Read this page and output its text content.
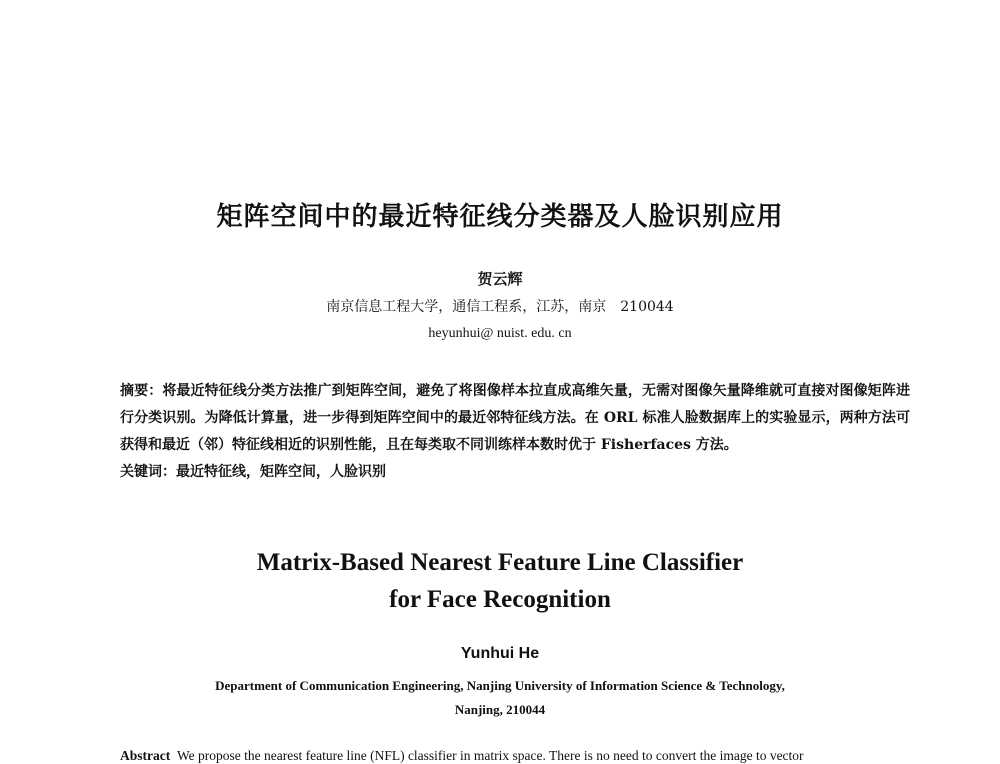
矩阵空间中的最近特征线分类器及人脸识别应用
贺云辉
南京信息工程大学，通信工程系，江苏，南京　210044
heyunhui@ nuist. edu. cn

摘要：将最近特征线分类方法推广到矩阵空间，避免了将图像样本拉直成高维矢量，无需对图像矢量降维就可直接对图像矩阵进行分类识别。为降低计算量，进一步得到矩阵空间中的最近邻特征线方法。在 ORL 标准人脸数据库上的实验显示，两种方法可获得和最近（邻）特征线相近的识别性能，且在每类取不同训练样本数时优于 Fisherfaces 方法。

关键词：最近特征线，矩阵空间，人脸识别

Matrix-Based Nearest Feature Line Classifier
for Face Recognition
Yunhui He
Department of Communication Engineering, Nanjing University of Information Science & Technology,
Nanjing, 210044
Abstract We propose the nearest feature line (NFL) classifier in matrix space. There is no need to convert the image to vector
